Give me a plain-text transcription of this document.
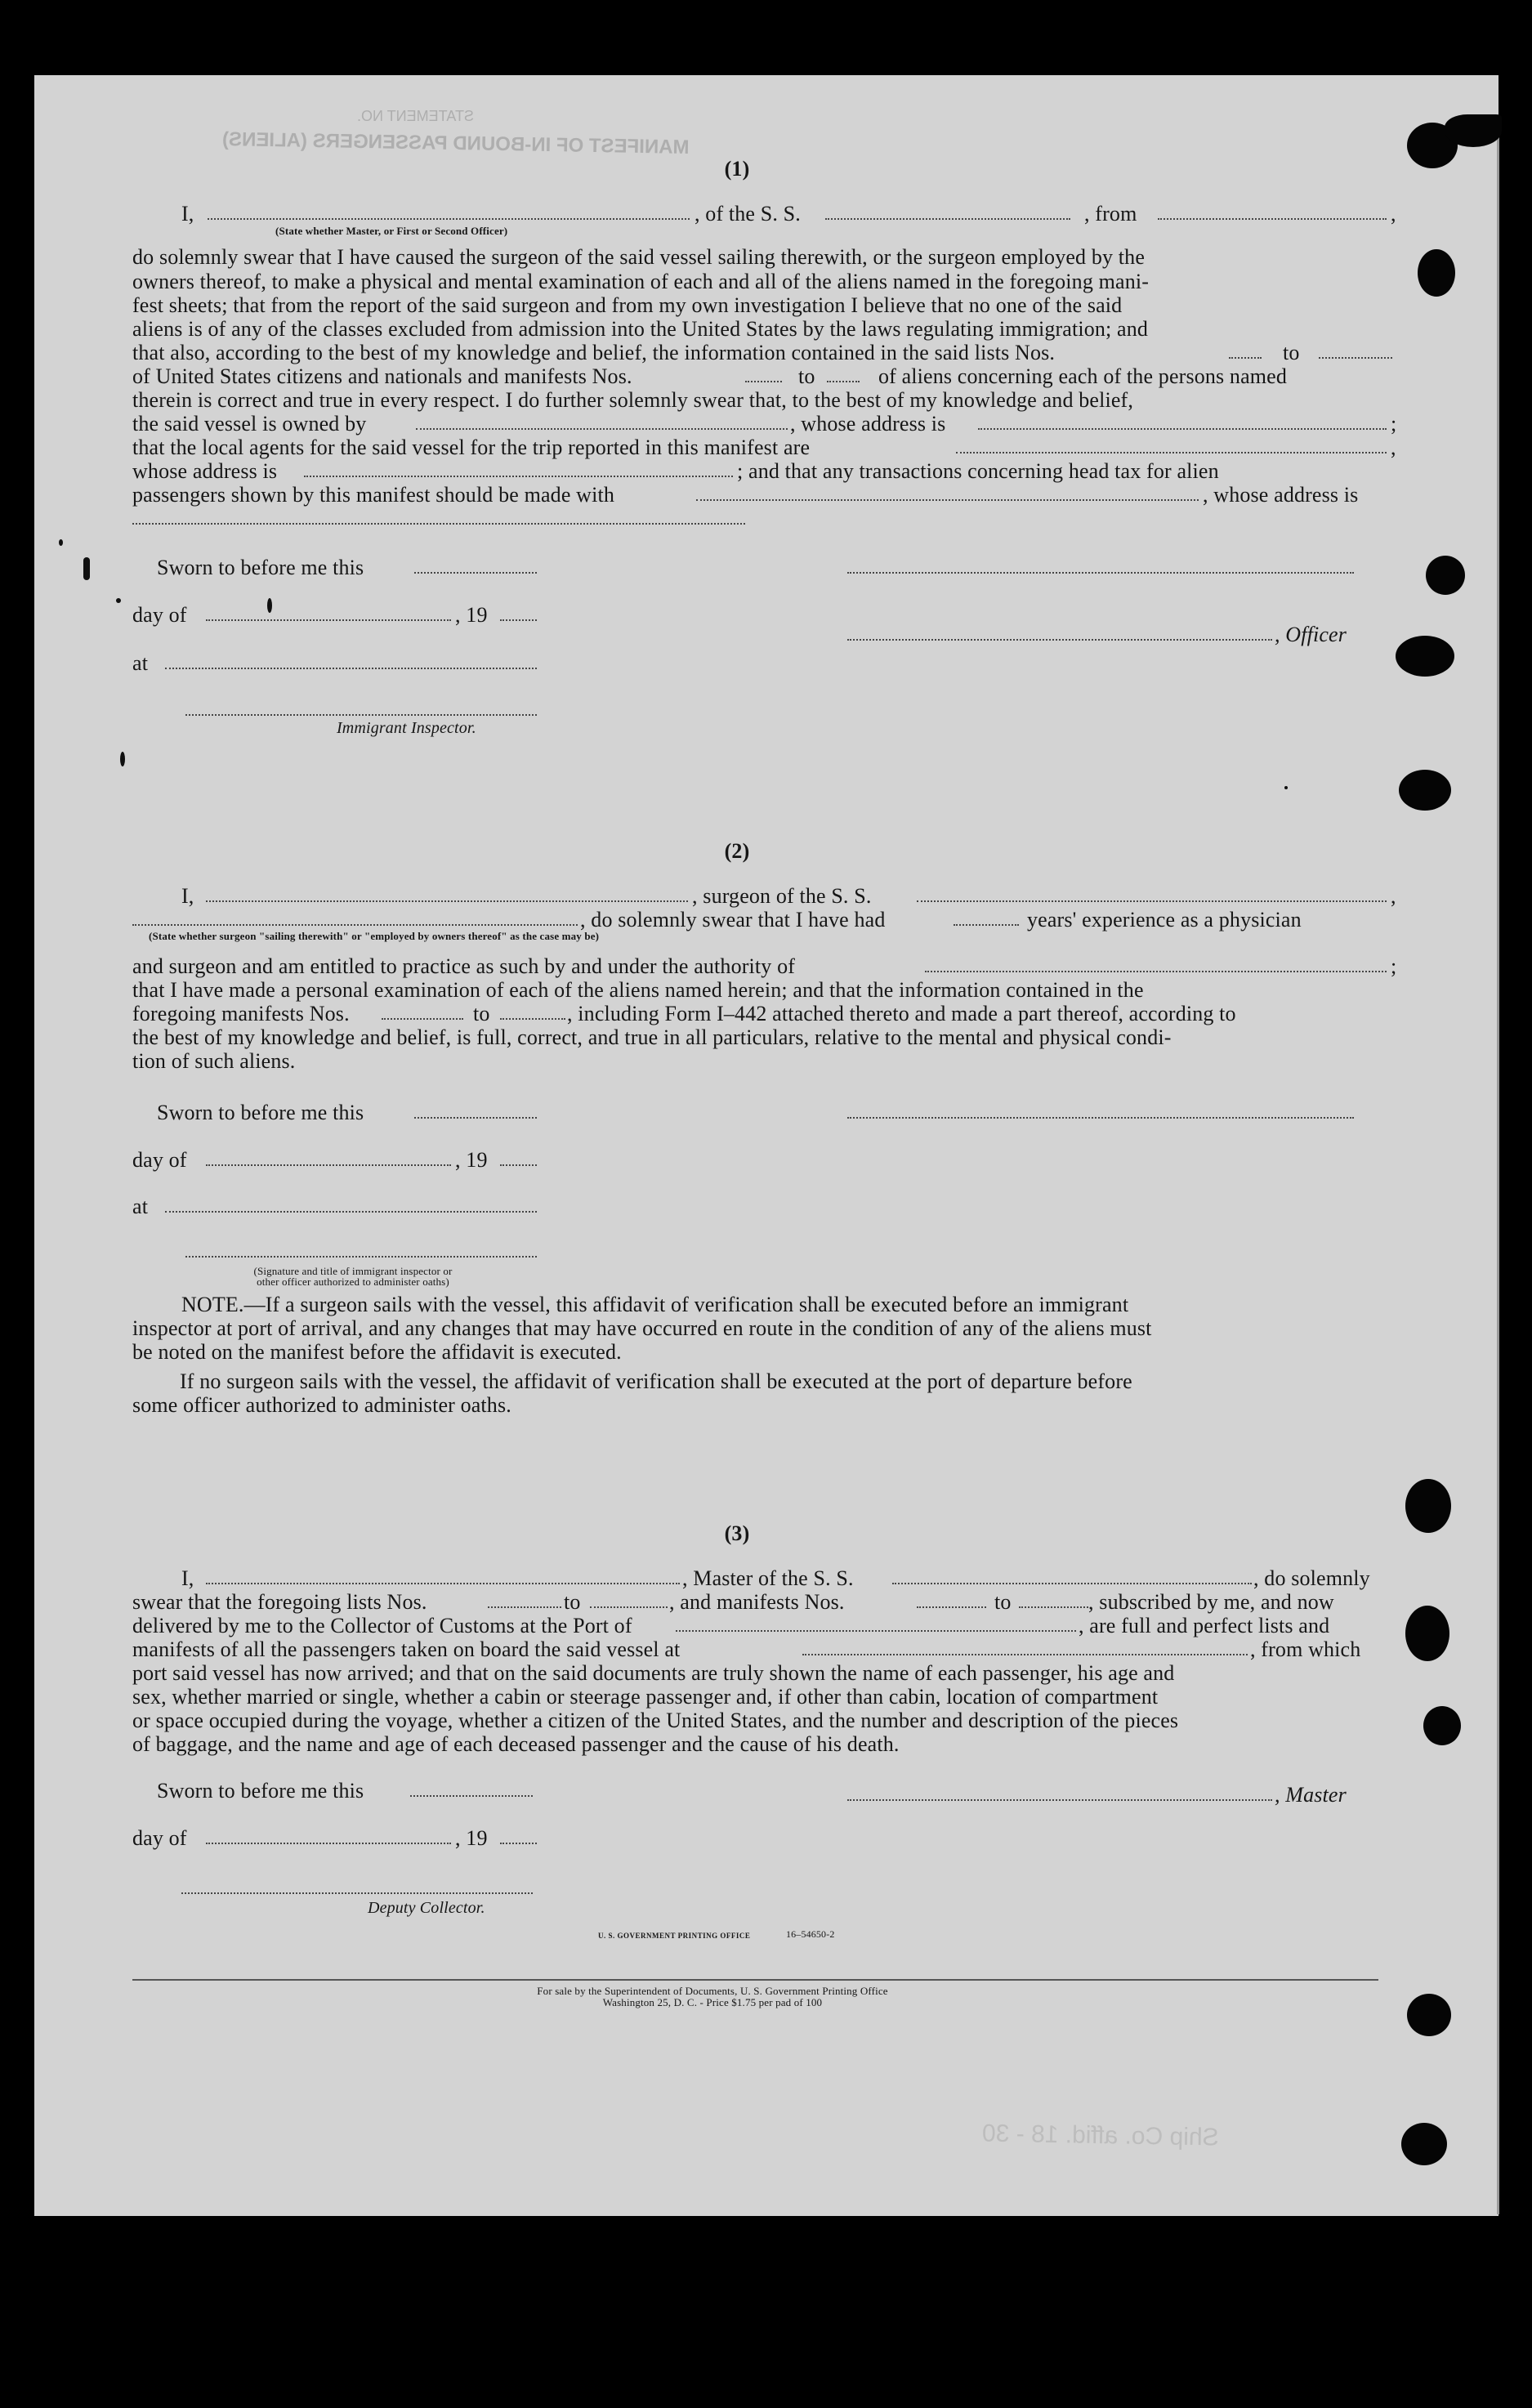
MANIFEST OF IN-BOUND PASSENGERS (ALIENS)
STATEMENT NO.
Ship Co. affid. 18 - 30
(1)
I,	, of the S. S.	, from	,
(State whether Master, or First or Second Officer)
do solemnly swear that I have caused the surgeon of the said vessel sailing therewith, or the surgeon employed by the
owners thereof, to make a physical and mental examination of each and all of the aliens named in the foregoing mani-
fest sheets; that from the report of the said surgeon and from my own investigation I believe that no one of the said
aliens is of any of the classes excluded from admission into the United States by the laws regulating immigration; and
that also, according to the best of my knowledge and belief, the information contained in the said lists Nos.	to
of United States citizens and nationals and manifests Nos.	to	of aliens concerning each of the persons named
therein is correct and true in every respect. I do further solemnly swear that, to the best of my knowledge and belief,
the said vessel is owned by	, whose address is	;
that the local agents for the said vessel for the trip reported in this manifest are	,
whose address is	; and that any transactions concerning head tax for alien
passengers shown by this manifest should be made with	, whose address is
Sworn to before me this
day of	, 19
, Officer
at
Immigrant Inspector.
(2)
I,	, surgeon of the S. S.	,
, do solemnly swear that I have had	years' experience as a physician
(State whether surgeon "sailing therewith" or "employed by owners thereof" as the case may be)
and surgeon and am entitled to practice as such by and under the authority of	;
that I have made a personal examination of each of the aliens named herein; and that the information contained in the
foregoing manifests Nos.	to	, including Form I–442 attached thereto and made a part thereof, according to
the best of my knowledge and belief, is full, correct, and true in all particulars, relative to the mental and physical condi-
tion of such aliens.
Sworn to before me this
day of	, 19
at
(Signature and title of immigrant inspector or
other officer authorized to administer oaths)
NOTE.—If a surgeon sails with the vessel, this affidavit of verification shall be executed before an immigrant
inspector at port of arrival, and any changes that may have occurred en route in the condition of any of the aliens must
be noted on the manifest before the affidavit is executed.
If no surgeon sails with the vessel, the affidavit of verification shall be executed at the port of departure before
some officer authorized to administer oaths.
(3)
I,	, Master of the S. S.	, do solemnly
swear that the foregoing lists Nos.	to	, and manifests Nos.	to	, subscribed by me, and now
delivered by me to the Collector of Customs at the Port of	, are full and perfect lists and
manifests of all the passengers taken on board the said vessel at	, from which
port said vessel has now arrived; and that on the said documents are truly shown the name of each passenger, his age and
sex, whether married or single, whether a cabin or steerage passenger and, if other than cabin, location of compartment
or space occupied during the voyage, whether a citizen of the United States, and the number and description of the pieces
of baggage, and the name and age of each deceased passenger and the cause of his death.
Sworn to before me this	, Master
day of	, 19
Deputy Collector.
U. S. GOVERNMENT PRINTING OFFICE	16–54650-2
For sale by the Superintendent of Documents, U. S. Government Printing Office
Washington 25, D. C. - Price $1.75 per pad of 100
